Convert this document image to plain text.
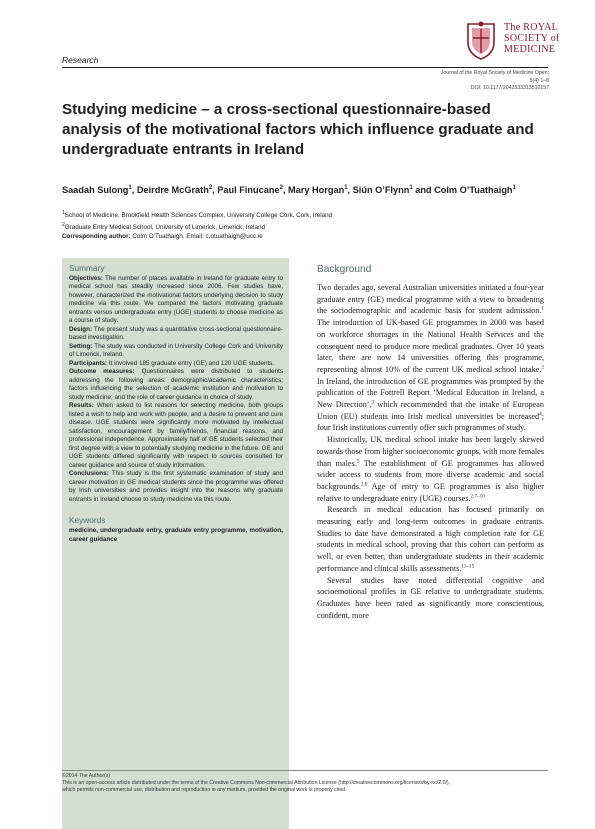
The ROYAL
SOCIETY of
MEDICINE
Research
Journal of the Royal Society of Medicine Open;
5(4) 1–8
DOI: 10.1177/2042533313510157
Studying medicine – a cross-sectional questionnaire-based analysis of the motivational factors which influence graduate and undergraduate entrants in Ireland
Saadah Sulong$^1$, Deirdre McGrath$^2$, Paul Finucane$^2$, Mary Horgan$^1$, Siún O’Flynn$^1$ and Colm O’Tuathaigh$^1$
$^1$School of Medicine, Brookfield Health Sciences Complex, University College Cork, Cork, Ireland
$^2$Graduate Entry Medical School, University of Limerick, Limerick, Ireland
Corresponding author: Colm O’Tuathaigh. Email: c.otuathaigh@ucc.ie
Summary

Objectives: The number of places available in Ireland for graduate entry to medical school has steadily increased since 2006. Few studies have, however, characterized the motivational factors underlying decision to study medicine via this route. We compared the factors motivating graduate entrants versus undergraduate entry (UGE) students to choose medicine as a course of study.

Design: The present study was a quantitative cross-sectional questionnaire-based investigation.

Setting: The study was conducted in University College Cork and University of Limerick, Ireland.

Participants: It involved 185 graduate entry (GE) and 120 UGE students.

Outcome measures: Questionnaires were distributed to students addressing the following areas: demographic/academic characteristics; factors influencing the selection of academic institution and motivation to study medicine; and the role of career guidance in choice of study.

Results: When asked to list reasons for selecting medicine, both groups listed a wish to help and work with people, and a desire to prevent and cure disease. UGE students were significantly more motivated by intellectual satisfaction, encouragement by family/friends, financial reasons, and professional independence. Approximately half of GE students selected their first degree with a view to potentially studying medicine in the future. GE and UGE students differed significantly with respect to sources consulted for career guidance and source of study information.

Conclusions: This study is the first systematic examination of study and career motivation in GE medical students since the programme was offered by Irish universities and provides insight into the reasons why graduate entrants in Ireland choose to study medicine via this route.

Keywords

medicine, undergraduate entry, graduate entry programme, motivation, career guidance

Background

Two decades ago, several Australian universities initiated a four-year graduate entry (GE) medical programme with a view to broadening the sociodemographic and academic basis for student admission.$^1$ The introduction of UK-based GE programmes in 2000 was based on workforce shortages in the National Health Services and the consequent need to produce more medical graduates. Over 10 years later, there are now 14 universities offering this programme, representing almost 10% of the current UK medical school intake.$^2$ In Ireland, the introduction of GE programmes was prompted by the publication of the Fottrell Report ‘Medical Education in Ireland, a New Direction’,$^3$ which recommended that the intake of European Union (EU) students into Irish medical universities be increased$^4$; four Irish institutions currently offer such programmes of study.

Historically, UK medical school intake has been largely skewed towards those from higher socioeconomic groups, with more females than males.$^5$ The establishment of GE programmes has allowed wider access to students from more diverse academic and social backgrounds.$^{2,6}$ Age of entry to GE programmes is also higher relative to undergraduate entry (UGE) courses.$^{2,7-10}$

Research in medical education has focused primarily on measuring early and long-term outcomes in graduate entrants. Studies to date have demonstrated a high completion rate for GE students in medical school, proving that this cohort can perform as well, or even better, than undergraduate students in their academic performance and clinical skills assessments.$^{11-15}$

Several studies have noted differential cognitive and socioemotional profiles in GE relative to undergraduate students. Graduates have been rated as significantly more conscientious, confident, more

©2014 The Author(s)
This is an open-access article distributed under the terms of the Creative Commons Non-commercial Attribution License (http://creativecommons.org/licenses/by-nc/2.0/),
which permits non-commercial use, distribution and reproduction in any medium, provided the original work is properly cited.
